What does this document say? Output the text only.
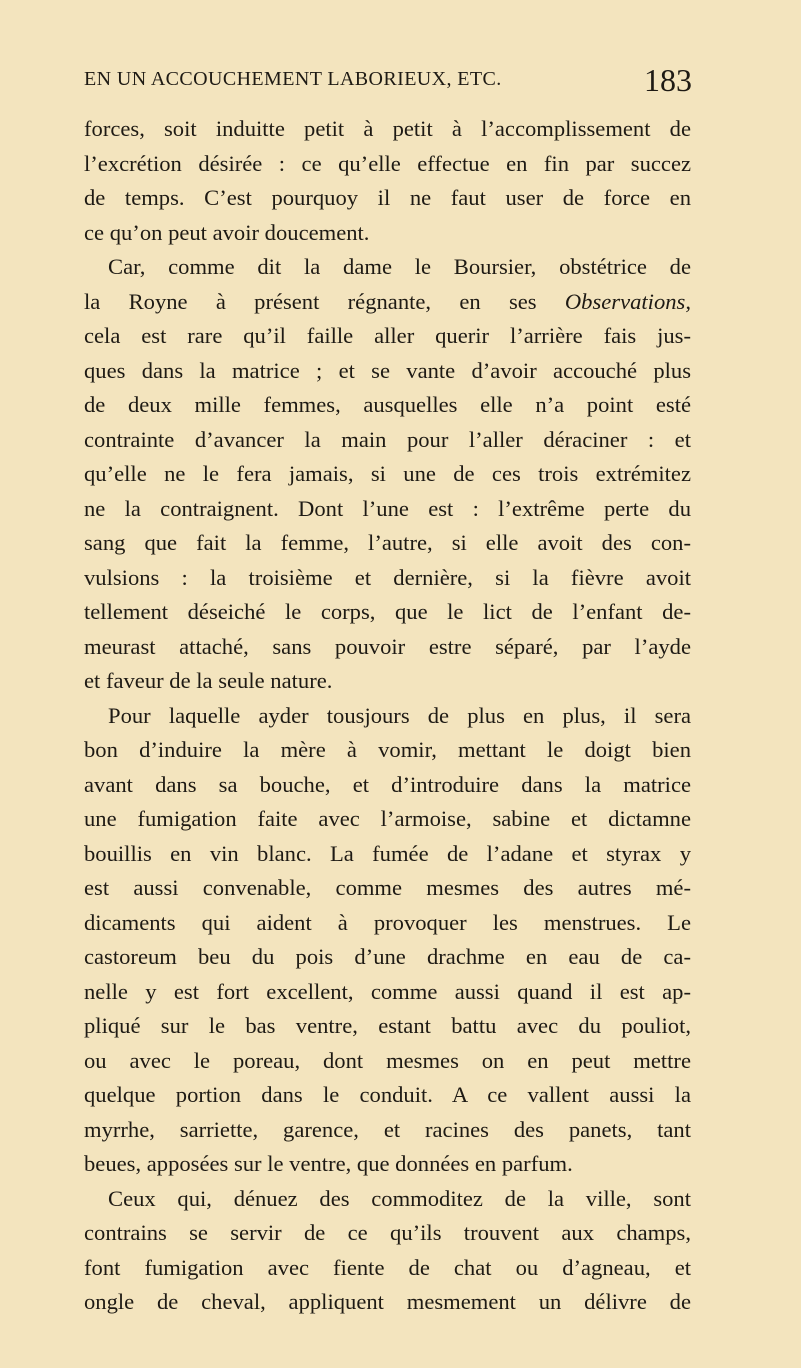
EN UN ACCOUCHEMENT LABORIEUX, ETC.	183
forces, soit induitte petit à petit à l’accomplissement de
l’excrétion désirée : ce qu’elle effectue en fin par succez
de temps. C’est pourquoy il ne faut user de force en
ce qu’on peut avoir doucement.
Car, comme dit la dame le Boursier, obstétrice de
la Royne à présent régnante, en ses Observations,
cela est rare qu’il faille aller querir l’arrière fais jus-
ques dans la matrice ; et se vante d’avoir accouché plus
de deux mille femmes, ausquelles elle n’a point esté
contrainte d’avancer la main pour l’aller déraciner : et
qu’elle ne le fera jamais, si une de ces trois extrémitez
ne la contraignent. Dont l’une est : l’extrême perte du
sang que fait la femme, l’autre, si elle avoit des con-
vulsions : la troisième et dernière, si la fièvre avoit
tellement déseiché le corps, que le lict de l’enfant de-
meurast attaché, sans pouvoir estre séparé, par l’ayde
et faveur de la seule nature.
Pour laquelle ayder tousjours de plus en plus, il sera
bon d’induire la mère à vomir, mettant le doigt bien
avant dans sa bouche, et d’introduire dans la matrice
une fumigation faite avec l’armoise, sabine et dictamne
bouillis en vin blanc. La fumée de l’adane et styrax y
est aussi convenable, comme mesmes des autres mé-
dicaments qui aident à provoquer les menstrues. Le
castoreum beu du pois d’une drachme en eau de ca-
nelle y est fort excellent, comme aussi quand il est ap-
pliqué sur le bas ventre, estant battu avec du pouliot,
ou avec le poreau, dont mesmes on en peut mettre
quelque portion dans le conduit. A ce vallent aussi la
myrrhe, sarriette, garence, et racines des panets, tant
beues, apposées sur le ventre, que données en parfum.
Ceux qui, dénuez des commoditez de la ville, sont
contrains se servir de ce qu’ils trouvent aux champs,
font fumigation avec fiente de chat ou d’agneau, et
ongle de cheval, appliquent mesmement un délivre de
